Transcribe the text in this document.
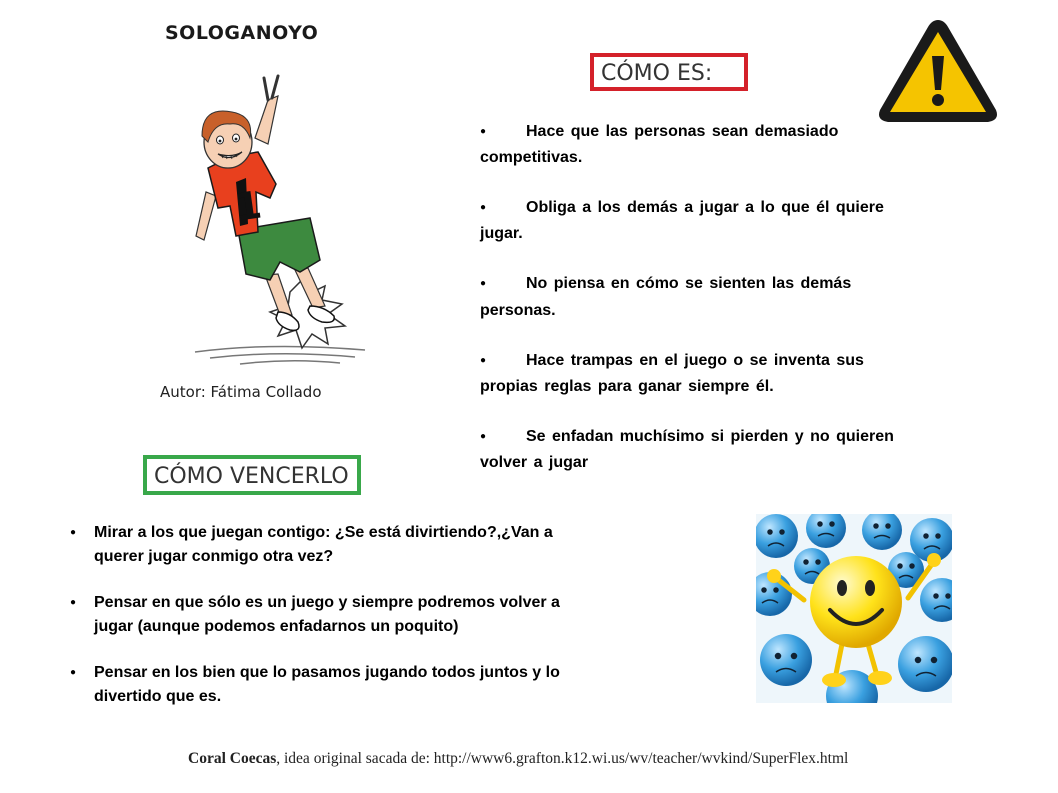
SOLOGANOYO
1
Autor: Fátima Collado
CÓMO ES:
● Hace que las personas sean demasiado competitivas.
● Obliga a los demás a jugar a lo que él quiere jugar.
● No piensa en cómo se sienten las demás personas.
● Hace trampas en el juego o se inventa sus propias reglas para ganar siempre él.
● Se enfadan muchísimo si pierden y no quieren volver a jugar
CÓMO VENCERLO
●	Mirar a los que juegan contigo: ¿Se está divirtiendo?,¿Van a querer jugar conmigo otra vez?
●	Pensar en que sólo es un juego y siempre podremos volver a jugar (aunque podemos enfadarnos un poquito)
●	Pensar en los bien que lo pasamos jugando todos juntos y lo divertido que es.
Coral Coecas, idea original sacada de: http://www6.grafton.k12.wi.us/wv/teacher/wvkind/SuperFlex.html
